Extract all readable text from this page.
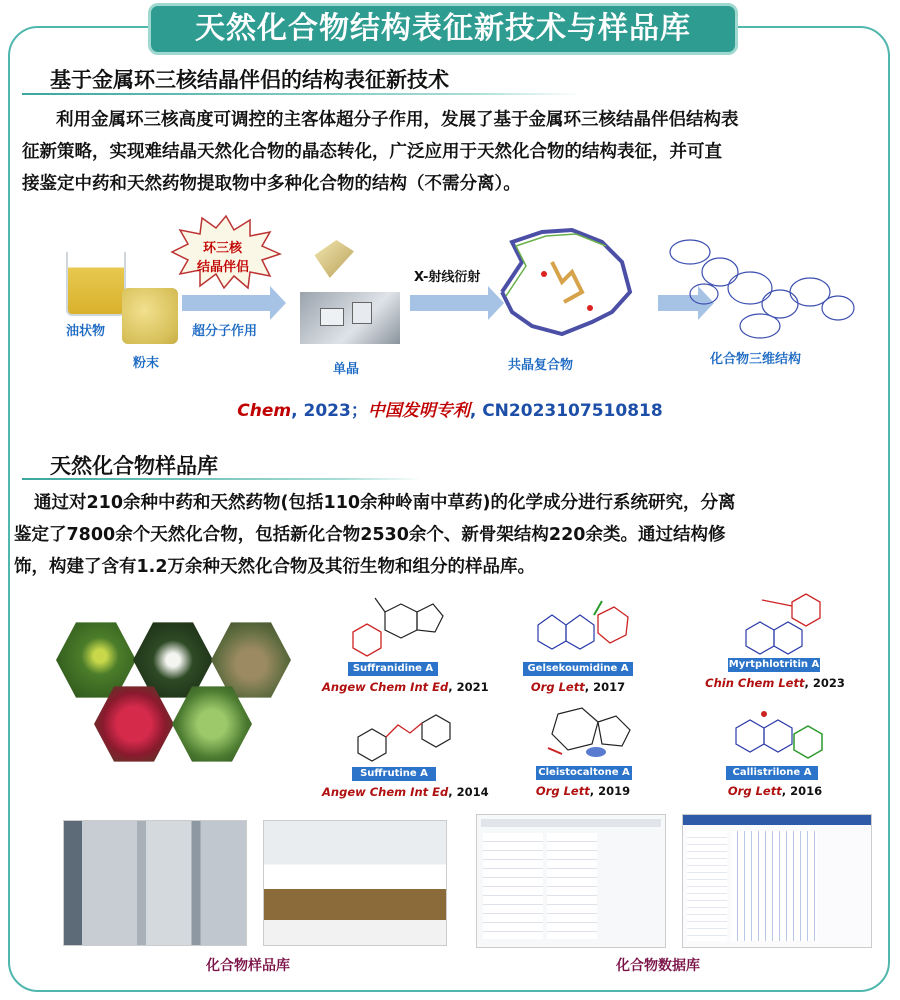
天然化合物结构表征新技术与样品库
基于金属环三核结晶伴侣的结构表征新技术
利用金属环三核高度可调控的主客体超分子作用，发展了基于金属环三核结晶伴侣结构表
征新策略，实现难结晶天然化合物的晶态转化，广泛应用于天然化合物的结构表征，并可直
接鉴定中药和天然药物提取物中多种化合物的结构（不需分离）。
油状物
粉末
环三核
结晶伴侣
超分子作用
单晶
X-射线衍射
共晶复合物	化合物三维结构
Chem, 2023；中国发明专利, CN2023107510818
天然化合物样品库
通过对210余种中药和天然药物(包括110余种岭南中草药)的化学成分进行系统研究，分离
鉴定了7800余个天然化合物，包括新化合物2530余个、新骨架结构220余类。通过结构修
饰，构建了含有1.2万余种天然化合物及其衍生物和组分的样品库。
Suffranidine A
Angew Chem Int Ed, 2021
Gelsekoumidine A
Org Lett, 2017
Myrtphlotritin A
Chin Chem Lett, 2023
Suffrutine A
Angew Chem Int Ed, 2014
Cleistocaltone A
Org Lett, 2019
Callistrilone A
Org Lett, 2016
化合物样品库	化合物数据库
